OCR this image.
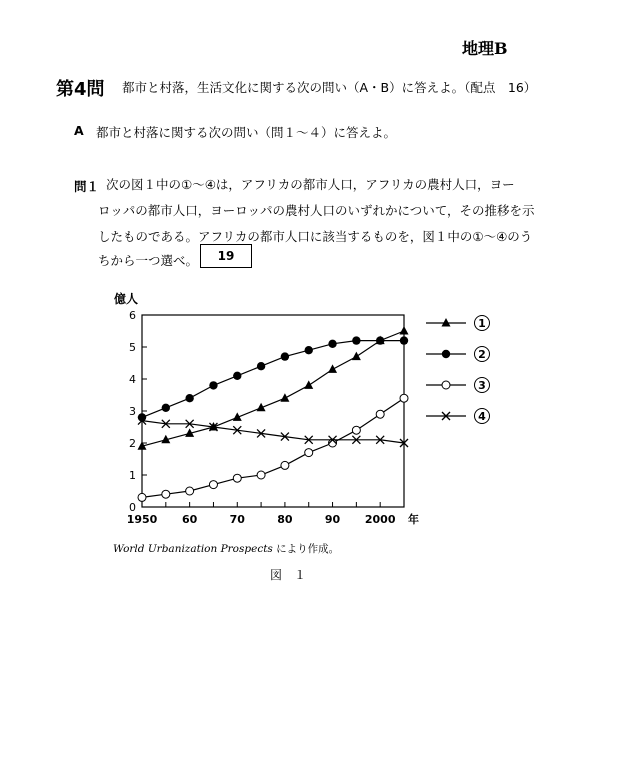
地理B
第4問 都市と村落，生活文化に関する次の問い（A・B）に答えよ。（配点　16）
A 都市と村落に関する次の問い（問１～４）に答えよ。
問１ 次の図１中の①～④は，アフリカの都市人口，アフリカの農村人口，ヨー
ロッパの都市人口，ヨーロッパの農村人口のいずれかについて，その推移を示
したものである。アフリカの都市人口に該当するものを，図１中の①～④のう
ちから一つ選べ。	19
0
1
2
3
4
5
6
1950 60	70	80	90 2000
億人
年
1
2
3
4
World Urbanization Prospects により作成。
図　１
